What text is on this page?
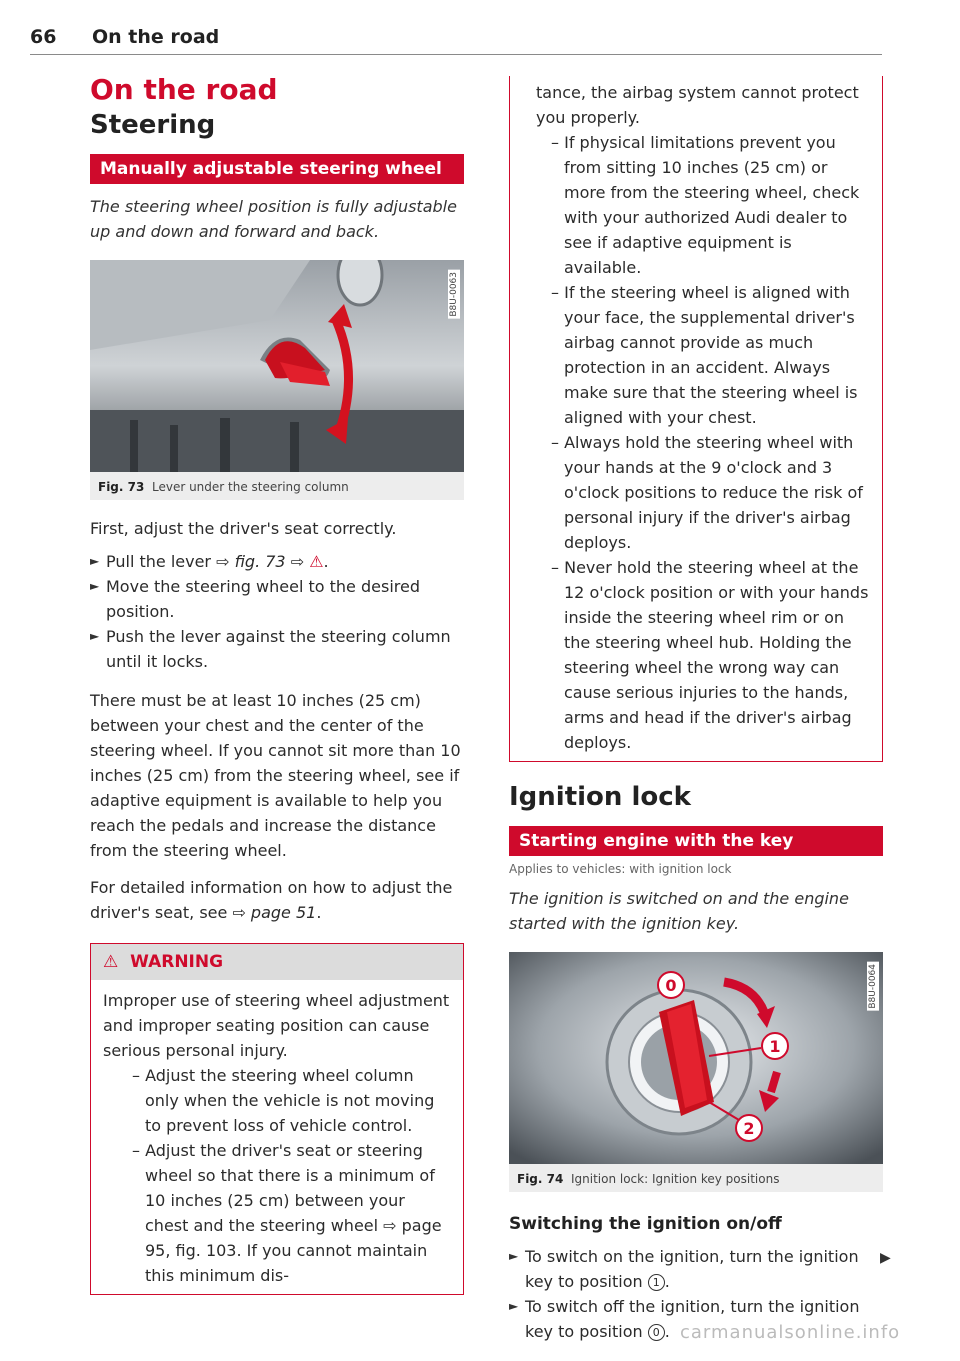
66 On the road
On the road
Steering
Manually adjustable steering wheel

The steering wheel position is fully adjustable up and down and forward and back.

B8U-0063
Fig. 73 Lever under the steering column

First, adjust the driver's seat correctly.

► Pull the lever ⇨ fig. 73 ⇨ ⚠.

► Move the steering wheel to the desired position.

► Push the lever against the steering column until it locks.

There must be at least 10 inches (25 cm) between your chest and the center of the steering wheel. If you cannot sit more than 10 inches (25 cm) from the steering wheel, see if adaptive equipment is available to help you reach the pedals and increase the distance from the steering wheel.

For detailed information on how to adjust the driver's seat, see ⇨ page 51.

⚠ WARNING

Improper use of steering wheel adjustment and improper seating position can cause serious personal injury.

– Adjust the steering wheel column only when the vehicle is not moving to prevent loss of vehicle control.

– Adjust the driver's seat or steering wheel so that there is a minimum of 10 inches (25 cm) between your chest and the steering wheel ⇨ page 95, fig. 103. If you cannot maintain this minimum dis-

tance, the airbag system cannot protect you properly.

– If physical limitations prevent you from sitting 10 inches (25 cm) or more from the steering wheel, check with your authorized Audi dealer to see if adaptive equipment is available.

– If the steering wheel is aligned with your face, the supplemental driver's airbag cannot provide as much protection in an accident. Always make sure that the steering wheel is aligned with your chest.

– Always hold the steering wheel with your hands at the 9 o'clock and 3 o'clock positions to reduce the risk of personal injury if the driver's airbag deploys.

– Never hold the steering wheel at the 12 o'clock position or with your hands inside the steering wheel rim or on the steering wheel hub. Holding the steering wheel the wrong way can cause serious injuries to the hands, arms and head if the driver's airbag deploys.

Ignition lock
Starting engine with the key
Applies to vehicles: with ignition lock

The ignition is switched on and the engine started with the ignition key.

0
1
2
B8U-0064
Fig. 74 Ignition lock: Ignition key positions
Switching the ignition on/off

► To switch on the ignition, turn the ignition key to position 1 .

► To switch off the ignition, turn the ignition key to position 0 .

▶
carmanualsonline.info
